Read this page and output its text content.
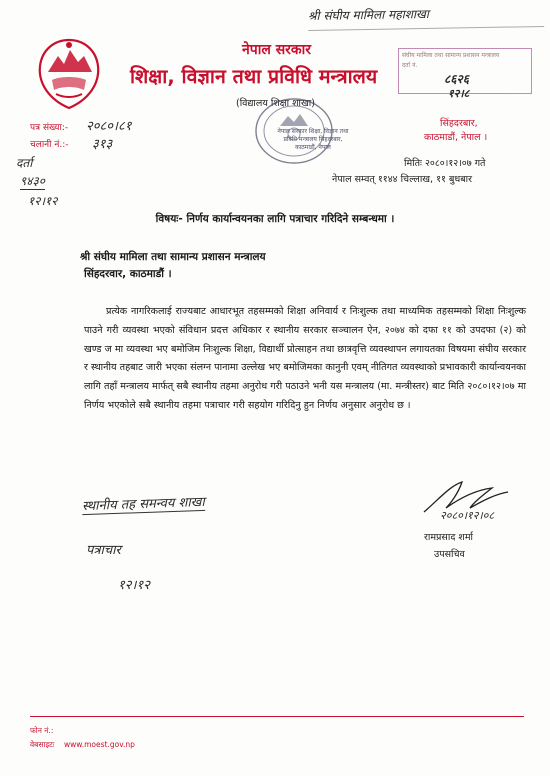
श्री संघीय मामिला महाशाखा
नेपाल सरकार
शिक्षा, विज्ञान तथा प्रविधि मन्त्रालय
(विद्यालय शिक्षा शाखा)
नेपाल सरकार शिक्षा, विज्ञान तथा प्रविधि मन्त्रालय सिंहदरबार, काठमाडौं, नेपाल
संघीय मामिला तथा सामान्य प्रशासन मन्त्रालय
दर्ता नं.
८६२६
१२।८
सिंहदरबार,
काठमाडौं, नेपाल ।
पत्र संख्या:- २०८०।८१
चलानी नं.:- ३१३
दर्ता
९४३०
१२।१२
मितिः २०८०।१२।०७ गते
नेपाल सम्वत् ११४४ चिल्लाख, ११ बुधबार
विषयः- निर्णय कार्यान्वयनका लागि पत्राचार गरिदिने सम्बन्धमा ।
श्री संघीय मामिला तथा सामान्य प्रशासन मन्त्रालय
सिंहदरवार, काठमाडौं ।
प्रत्येक नागरिकलाई राज्यबाट आधारभूत तहसम्मको शिक्षा अनिवार्य र निःशुल्क तथा माध्यमिक तहसम्मको शिक्षा निःशुल्क पाउने गरी व्यवस्था भएको संविधान प्रदत्त अधिकार र स्थानीय सरकार सञ्चालन ऐन, २०७४ को दफा ११ को उपदफा (२) को खण्ड ज मा व्यवस्था भए बमोजिम निःशुल्क शिक्षा, विद्यार्थी प्रोत्साहन तथा छात्रवृत्ति व्यवस्थापन लगायतका विषयमा संघीय सरकार र स्थानीय तहबाट जारी भएका संलग्न पानामा उल्लेख भए बमोजिमका कानुनी एवम् नीतिगत व्यवस्थाको प्रभावकारी कार्यान्वयनका लागि तहाँ मन्त्रालय मार्फत् सबै स्थानीय तहमा अनुरोध गरी पठाउने भनी यस मन्त्रालय (मा. मन्त्रीस्तर) बाट मिति २०८०।१२।०७ मा निर्णय भएकोले सबै स्थानीय तहमा पत्राचार गरी सहयोग गरिदिनु हुन निर्णय अनुसार अनुरोध छ ।
स्थानीय तह समन्वय शाखा
पत्राचार
१२।१२
२०८०।१२।०८
रामप्रसाद शर्मा
उपसचिव
फोन नं.:
वेबसाइटः www.moest.gov.np
